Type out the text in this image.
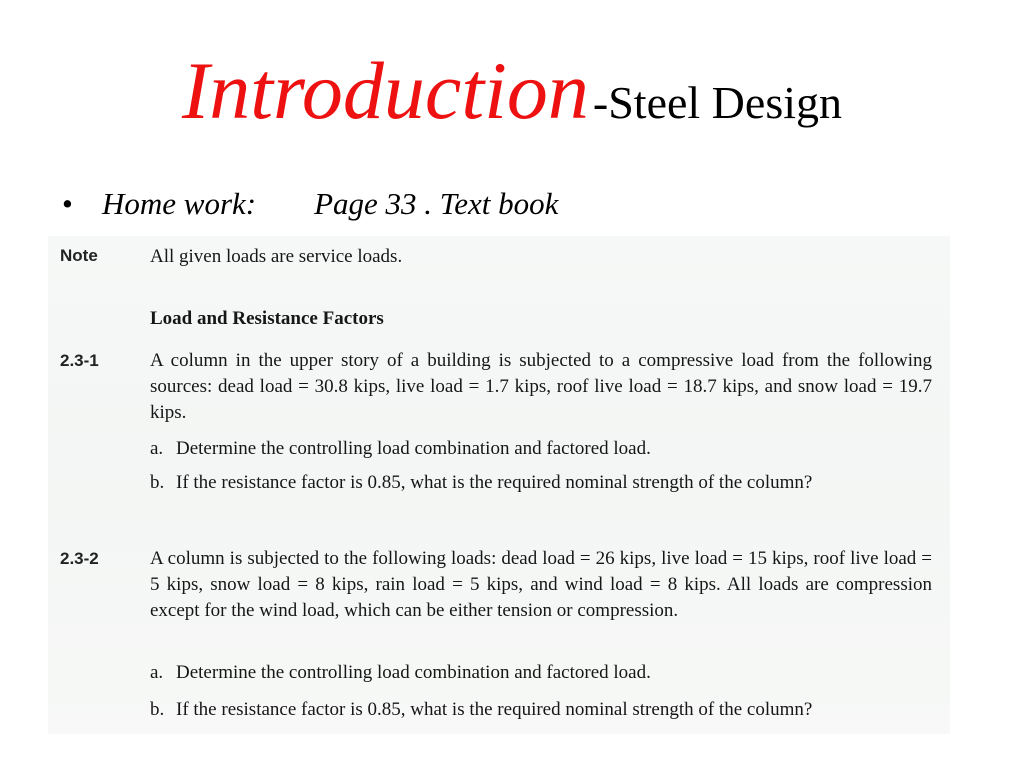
Introduction -Steel Design
• Home work: Page 33 . Text book
Note	All given loads are service loads.
Load and Resistance Factors
2.3-1	A column in the upper story of a building is subjected to a compressive load from the following sources: dead load = 30.8 kips, live load = 1.7 kips, roof live load = 18.7 kips, and snow load = 19.7 kips.
a. Determine the controlling load combination and factored load.
b. If the resistance factor is 0.85, what is the required nominal strength of the column?
2.3-2	A column is subjected to the following loads: dead load = 26 kips, live load = 15 kips, roof live load = 5 kips, snow load = 8 kips, rain load = 5 kips, and wind load = 8 kips. All loads are compression except for the wind load, which can be either tension or compression.
a. Determine the controlling load combination and factored load.
b. If the resistance factor is 0.85, what is the required nominal strength of the column?
